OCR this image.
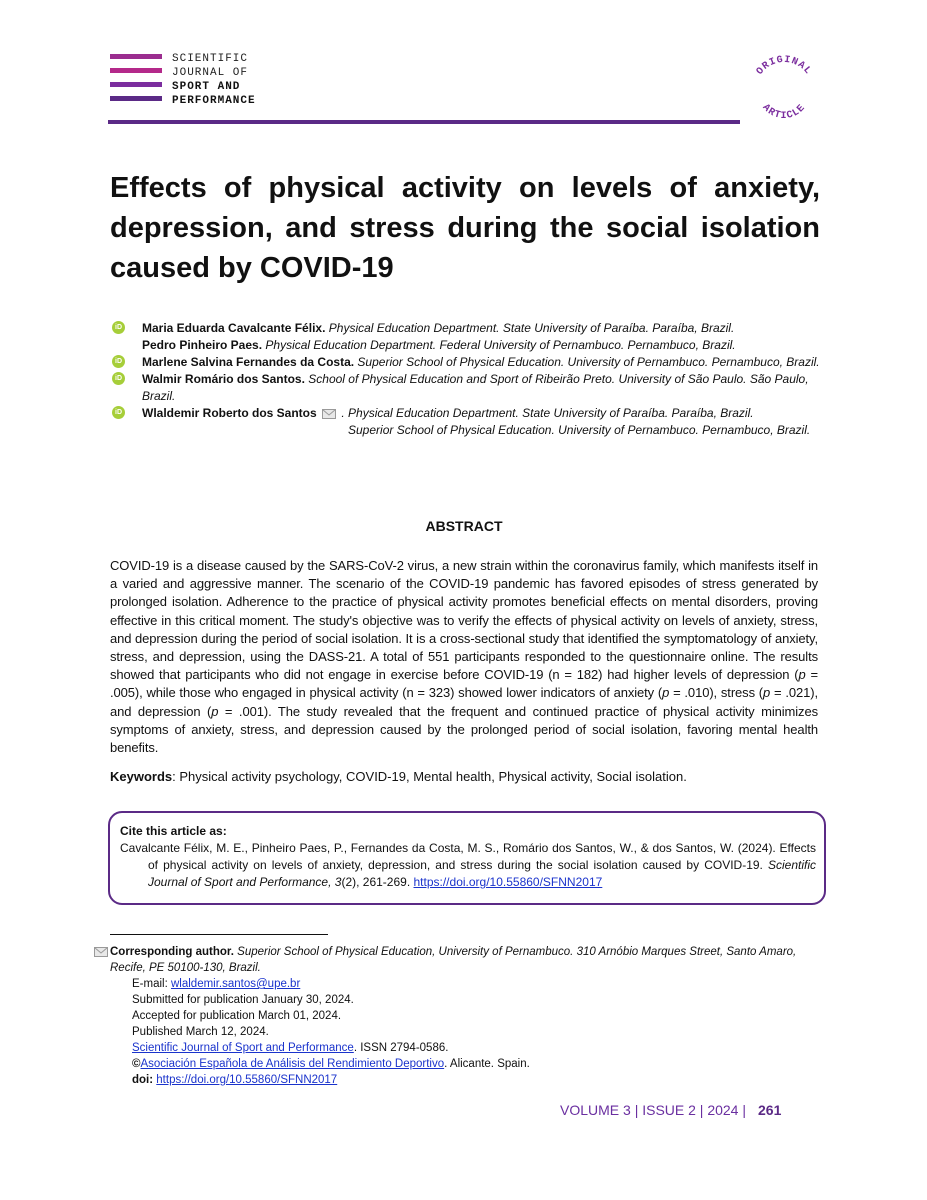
SCIENTIFIC
JOURNAL OF
SPORT AND
PERFORMANCE
ORIGINAL
ARTICLE
Effects of physical activity on levels of anxiety, depression, and stress during the social isolation caused by COVID-19
iD Maria Eduarda Cavalcante Félix. Physical Education Department. State University of Paraíba. Paraíba, Brazil.
Pedro Pinheiro Paes. Physical Education Department. Federal University of Pernambuco. Pernambuco, Brazil.
iD Marlene Salvina Fernandes da Costa. Superior School of Physical Education. University of Pernambuco. Pernambuco, Brazil.
iD Walmir Romário dos Santos. School of Physical Education and Sport of Ribeirão Preto. University of São Paulo. São Paulo, Brazil.
iD Wlaldemir Roberto dos Santos . Physical Education Department. State University of Paraíba. Paraíba, Brazil.
Superior School of Physical Education. University of Pernambuco. Pernambuco, Brazil.
ABSTRACT
COVID-19 is a disease caused by the SARS-CoV-2 virus, a new strain within the coronavirus family, which manifests itself in a varied and aggressive manner. The scenario of the COVID-19 pandemic has favored episodes of stress generated by prolonged isolation. Adherence to the practice of physical activity promotes beneficial effects on mental disorders, proving effective in this critical moment. The study's objective was to verify the effects of physical activity on levels of anxiety, stress, and depression during the period of social isolation. It is a cross-sectional study that identified the symptomatology of anxiety, stress, and depression, using the DASS-21. A total of 551 participants responded to the questionnaire online. The results showed that participants who did not engage in exercise before COVID-19 (n = 182) had higher levels of depression (p = .005), while those who engaged in physical activity (n = 323) showed lower indicators of anxiety (p = .010), stress (p = .021), and depression (p = .001). The study revealed that the frequent and continued practice of physical activity minimizes symptoms of anxiety, stress, and depression caused by the prolonged period of social isolation, favoring mental health benefits.
Keywords: Physical activity psychology, COVID-19, Mental health, Physical activity, Social isolation.
Cite this article as:
Cavalcante Félix, M. E., Pinheiro Paes, P., Fernandes da Costa, M. S., Romário dos Santos, W., & dos Santos, W. (2024). Effects of physical activity on levels of anxiety, depression, and stress during the social isolation caused by COVID-19. Scientific Journal of Sport and Performance, 3(2), 261-269. https://doi.org/10.55860/SFNN2017
Corresponding author. Superior School of Physical Education, University of Pernambuco. 310 Arnóbio Marques Street, Santo Amaro, Recife, PE 50100-130, Brazil.
E-mail: wlaldemir.santos@upe.br
Submitted for publication January 30, 2024.
Accepted for publication March 01, 2024.
Published March 12, 2024.
Scientific Journal of Sport and Performance. ISSN 2794-0586.
©Asociación Española de Análisis del Rendimiento Deportivo. Alicante. Spain.
doi: https://doi.org/10.55860/SFNN2017
VOLUME 3 | ISSUE 2 | 2024 | 261
